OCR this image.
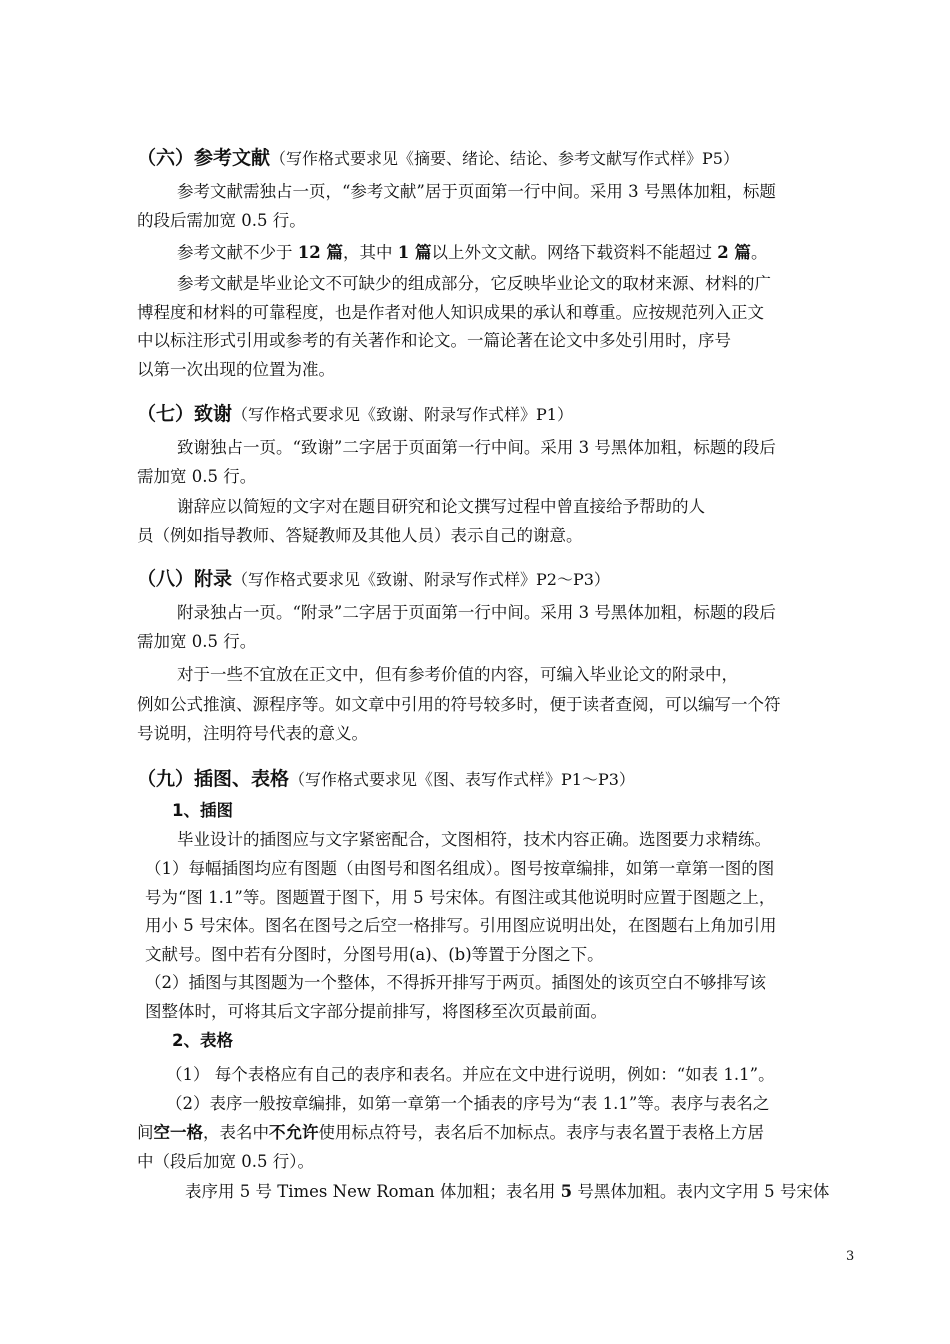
（六）参考文献（写作格式要求见《摘要、绪论、结论、参考文献写作式样》P5）
参考文献需独占一页，“参考文献”居于页面第一行中间。采用 3 号黑体加粗，标题
的段后需加宽 0.5 行。
参考文献不少于 12 篇，其中 1 篇以上外文文献。网络下载资料不能超过 2 篇。
参考文献是毕业论文不可缺少的组成部分，它反映毕业论文的取材来源、材料的广
博程度和材料的可靠程度，也是作者对他人知识成果的承认和尊重。应按规范列入正文
中以标注形式引用或参考的有关著作和论文。一篇论著在论文中多处引用时，序号
以第一次出现的位置为准。
（七）致谢（写作格式要求见《致谢、附录写作式样》P1）
致谢独占一页。“致谢”二字居于页面第一行中间。采用 3 号黑体加粗，标题的段后
需加宽 0.5 行。
谢辞应以简短的文字对在题目研究和论文撰写过程中曾直接给予帮助的人
员（例如指导教师、答疑教师及其他人员）表示自己的谢意。
（八）附录（写作格式要求见《致谢、附录写作式样》P2～P3）
附录独占一页。“附录”二字居于页面第一行中间。采用 3 号黑体加粗，标题的段后
需加宽 0.5 行。
对于一些不宜放在正文中，但有参考价值的内容，可编入毕业论文的附录中，
例如公式推演、源程序等。如文章中引用的符号较多时，便于读者查阅，可以编写一个符
号说明，注明符号代表的意义。
（九）插图、表格（写作格式要求见《图、表写作式样》P1～P3）
1、插图
毕业设计的插图应与文字紧密配合，文图相符，技术内容正确。选图要力求精练。
（1）每幅插图均应有图题（由图号和图名组成）。图号按章编排，如第一章第一图的图
号为“图 1.1”等。图题置于图下，用 5 号宋体。有图注或其他说明时应置于图题之上，
用小 5 号宋体。图名在图号之后空一格排写。引用图应说明出处，在图题右上角加引用
文献号。图中若有分图时，分图号用(a)、(b)等置于分图之下。
（2）插图与其图题为一个整体，不得拆开排写于两页。插图处的该页空白不够排写该
图整体时，可将其后文字部分提前排写，将图移至次页最前面。
2、表格
（1） 每个表格应有自己的表序和表名。并应在文中进行说明，例如：“如表 1.1”。
（2）表序一般按章编排，如第一章第一个插表的序号为“表 1.1”等。表序与表名之
间空一格，表名中不允许使用标点符号，表名后不加标点。表序与表名置于表格上方居
中（段后加宽 0.5 行）。
表序用 5 号 Times New Roman 体加粗；表名用 5 号黑体加粗。表内文字用 5 号宋体
3
